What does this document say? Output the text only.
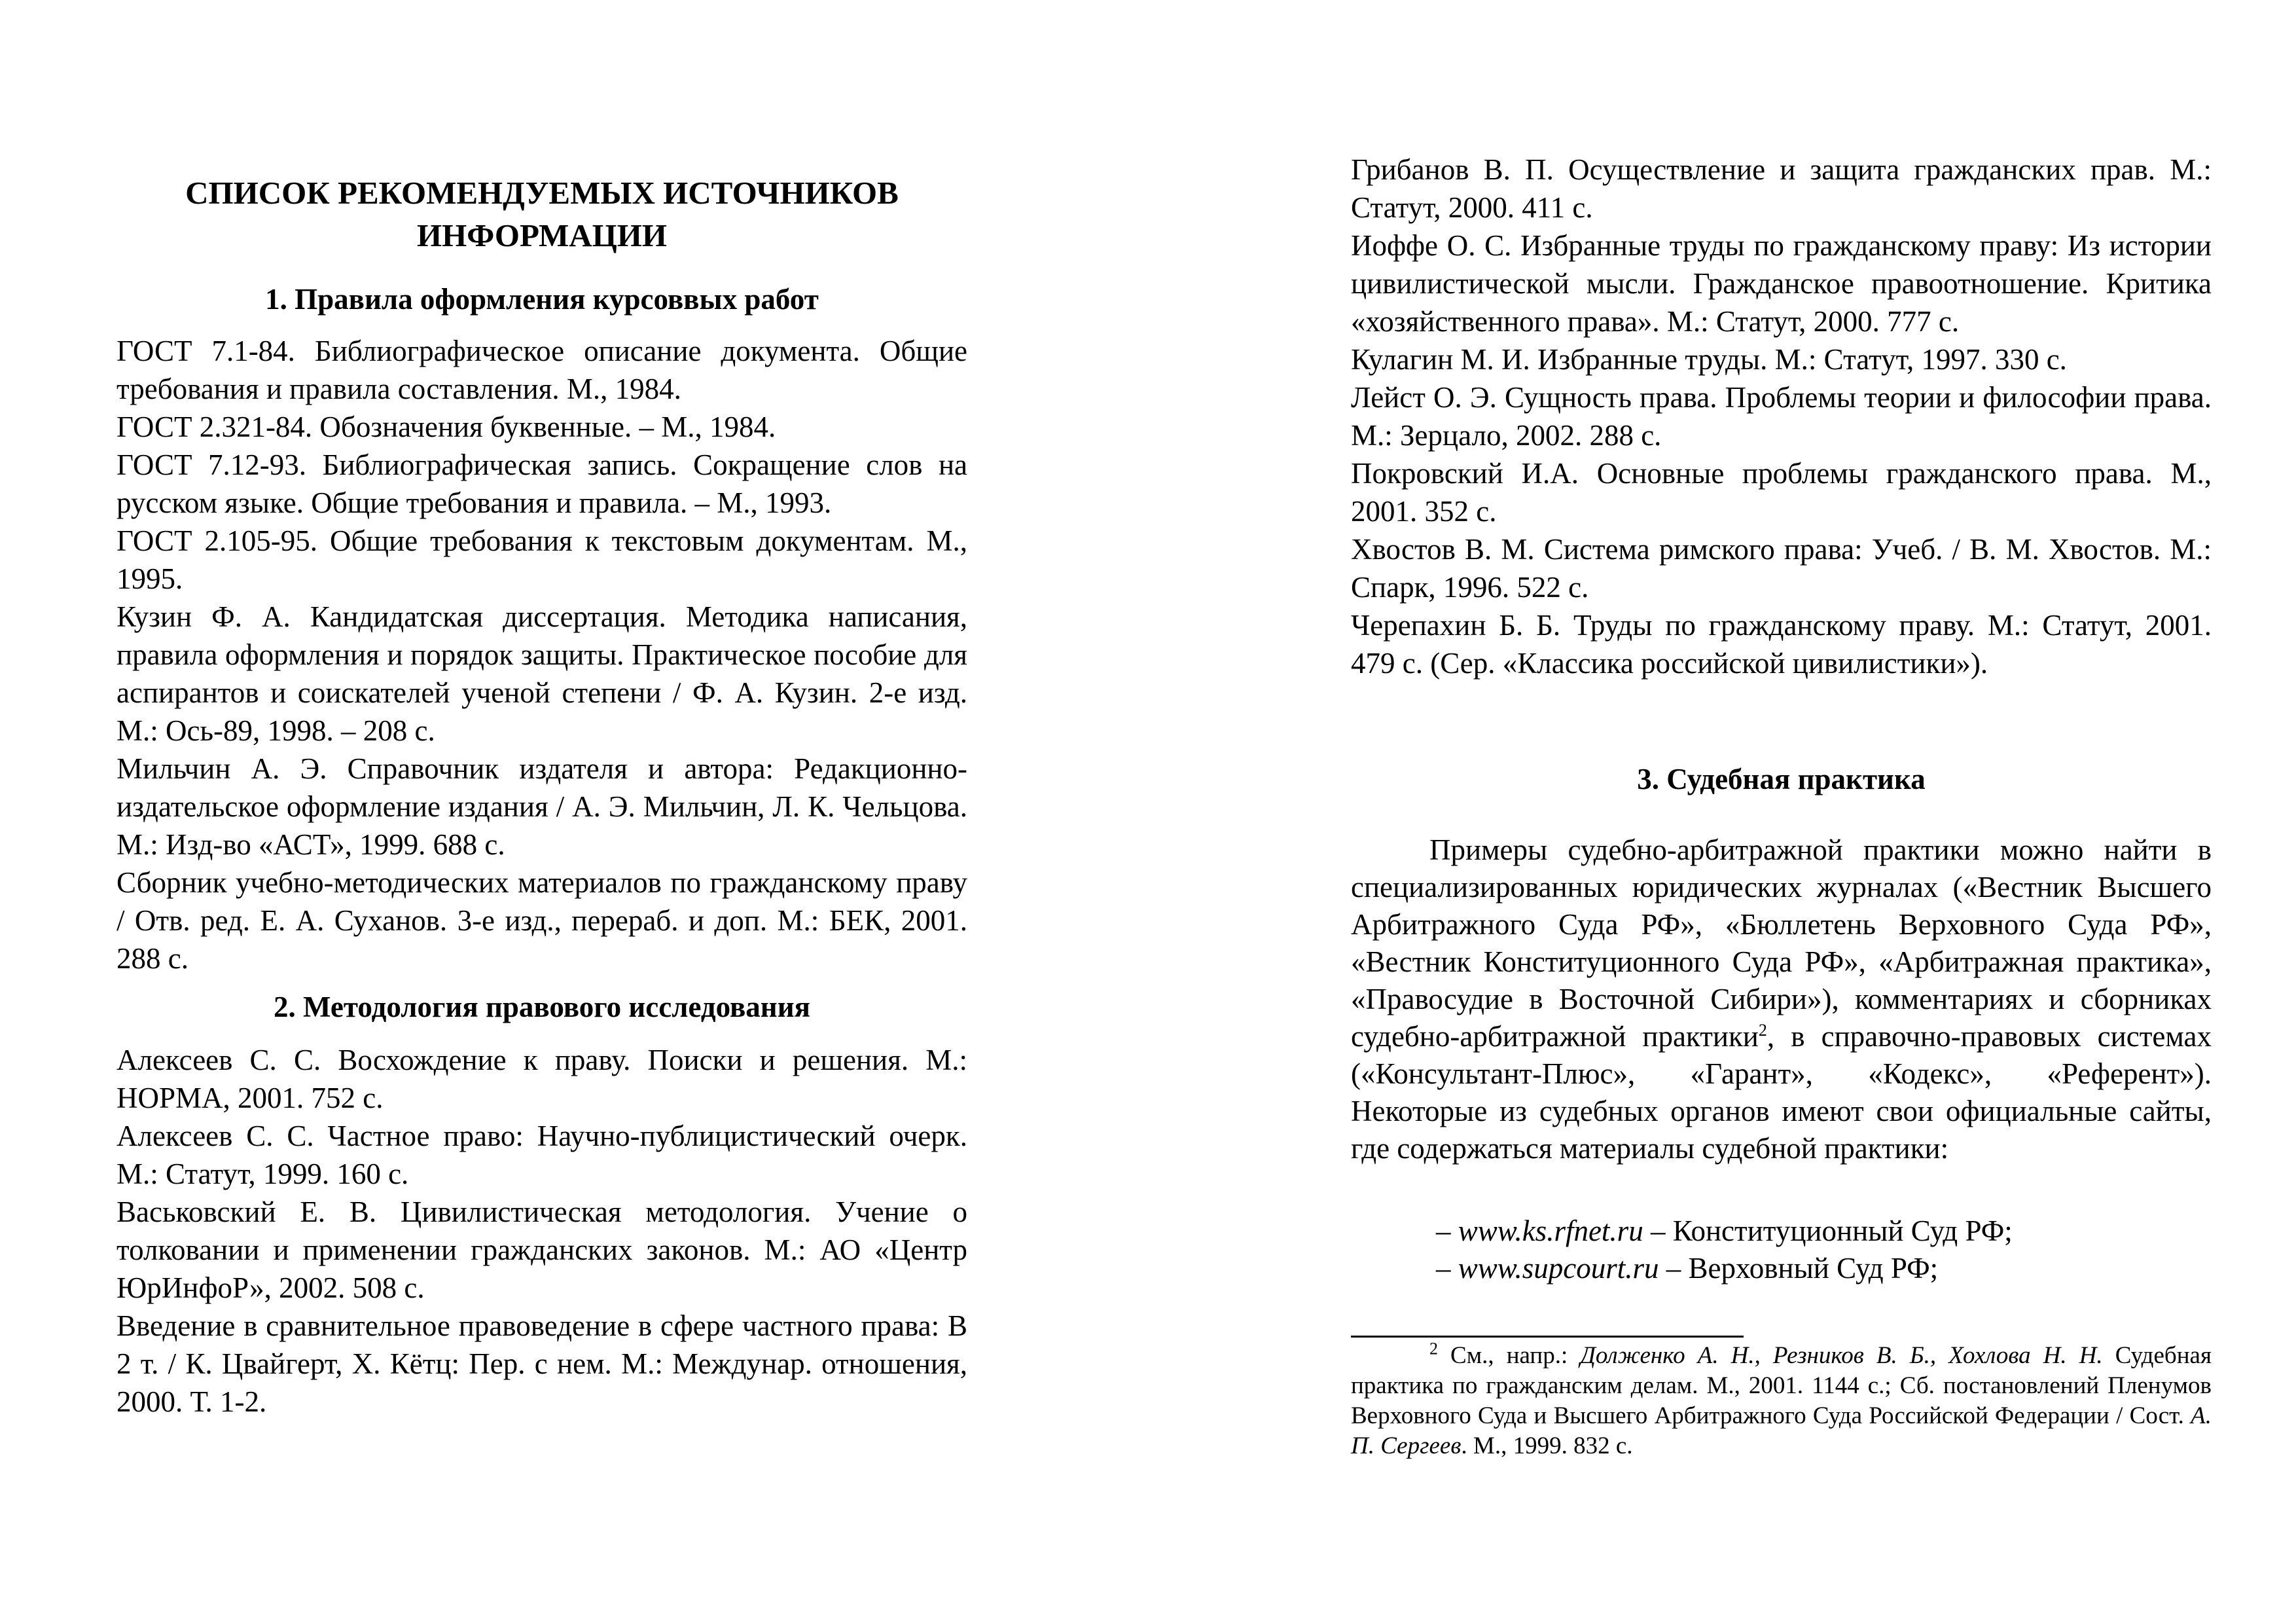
СПИСОК РЕКОМЕНДУЕМЫХ ИСТОЧНИКОВ
ИНФОРМАЦИИ
1. Правила оформления курсоввых работ

ГОСТ 7.1-84. Библиографическое описание документа. Общие требования и правила составления. М., 1984.

ГОСТ 2.321-84. Обозначения буквенные. – М., 1984.

ГОСТ 7.12-93. Библиографическая запись. Сокращение слов на русском языке. Общие требования и правила. – М., 1993.

ГОСТ 2.105-95. Общие требования к текстовым документам. М., 1995.

Кузин Ф. А. Кандидатская диссертация. Методика написания, правила оформления и порядок защиты. Практическое пособие для аспирантов и соискателей ученой степени / Ф. А. Кузин. 2-е изд. М.: Ось-89, 1998. – 208 с.

Мильчин А. Э. Справочник издателя и автора: Редакционно-издательское оформление издания / А. Э. Мильчин, Л. К. Чельцова. М.: Изд-во «АСТ», 1999. 688 с.

Сборник учебно-методических материалов по гражданскому праву / Отв. ред. Е. А. Суханов. 3-е изд., перераб. и доп. М.: БЕК, 2001. 288 с.

2. Методология правового исследования

Алексеев С. С. Восхождение к праву. Поиски и решения. М.: НОРМА, 2001. 752 с.

Алексеев С. С. Частное право: Научно-публицистический очерк. М.: Статут, 1999. 160 с.

Васьковский Е. В. Цивилистическая методология. Учение о толковании и применении гражданских законов. М.: АО «Центр ЮрИнфоР», 2002. 508 с.

Введение в сравнительное правоведение в сфере частного права: В 2 т. / К. Цвайгерт, Х. Кётц: Пер. с нем. М.: Междунар. отношения, 2000. Т. 1-2.

Грибанов В. П. Осуществление и защита гражданских прав. М.: Статут, 2000. 411 с.

Иоффе О. С. Избранные труды по гражданскому праву: Из истории цивилистической мысли. Гражданское правоотношение. Критика «хозяйственного права». М.: Статут, 2000. 777 с.

Кулагин М. И. Избранные труды. М.: Статут, 1997. 330 с.

Лейст О. Э. Сущность права. Проблемы теории и философии права. М.: Зерцало, 2002. 288 с.

Покровский И.А. Основные проблемы гражданского права. М., 2001. 352 с.

Хвостов В. М. Система римского права: Учеб. / В. М. Хвостов. М.: Спарк, 1996. 522 с.

Черепахин Б. Б. Труды по гражданскому праву. М.: Статут, 2001. 479 с. (Сер. «Классика российской цивилистики»).

3. Судебная практика
Примеры судебно-арбитражной практики можно найти в специализированных юридических журналах («Вестник Высшего Арбитражного Суда РФ», «Бюллетень Верховного Суда РФ», «Вестник Конституционного Суда РФ», «Арбитражная практика», «Правосудие в Восточной Сибири»), комментариях и сборниках судебно-арбитражной практики$^2$, в справочно-правовых системах («Консультант-Плюс», «Гарант», «Кодекс», «Референт»). Некоторые из судебных органов имеют свои официальные сайты, где содержаться материалы судебной практики:
– www.ks.rfnet.ru – Конституционный Суд РФ;
– www.supcourt.ru – Верховный Суд РФ;
$^2$ См., напр.: Долженко А. Н., Резников В. Б., Хохлова Н. Н. Судебная практика по гражданским делам. М., 2001. 1144 с.; Сб. постановлений Пленумов Верховного Суда и Высшего Арбитражного Суда Российской Федерации / Сост. А. П. Сергеев. М., 1999. 832 с.
